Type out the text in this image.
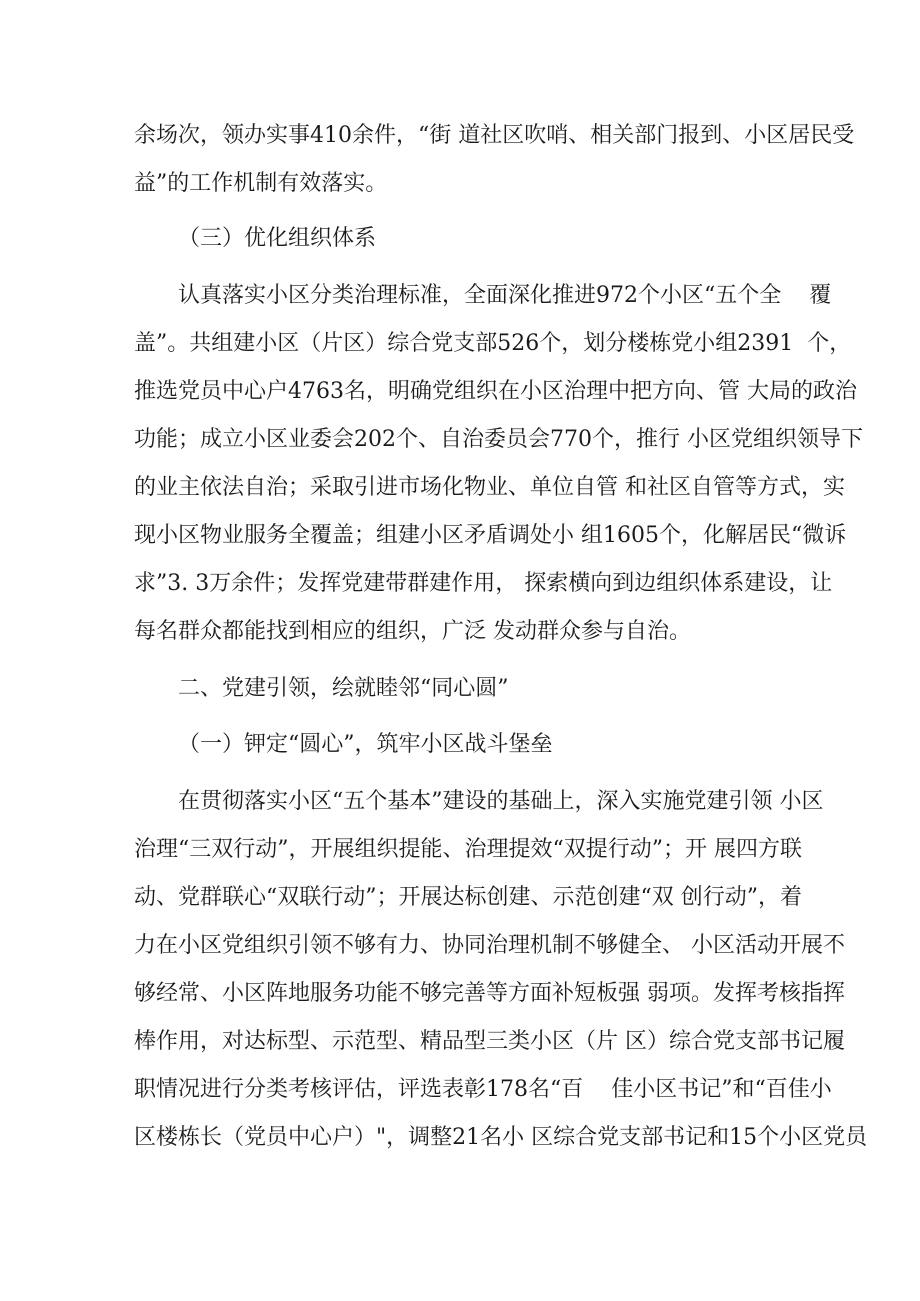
余场次，领办实事410余件，“街 道社区吹哨、相关部门报到、小区居民受
益”的工作机制有效落实。
（三）优化组织体系
认真落实小区分类治理标准，全面深化推进972个小区“五个全    覆
盖”。共组建小区（片区）综合党支部526个，划分楼栋党小组2391  个，
推选党员中心户4763名，明确党组织在小区治理中把方向、管 大局的政治
功能；成立小区业委会202个、自治委员会770个，推行 小区党组织领导下
的业主依法自治；采取引进市场化物业、单位自管 和社区自管等方式，实
现小区物业服务全覆盖；组建小区矛盾调处小 组1605个，化解居民“微诉
求”3. 3万余件；发挥党建带群建作用， 探索横向到边组织体系建设，让
每名群众都能找到相应的组织，广泛 发动群众参与自治。
二、党建引领，绘就睦邻“同心圆”
（一）钾定“圆心”，筑牢小区战斗堡垒
在贯彻落实小区“五个基本”建设的基础上，深入实施党建引领 小区
治理“三双行动”，开展组织提能、治理提效“双提行动”；开 展四方联
动、党群联心“双联行动”；开展达标创建、示范创建“双 创行动”，着
力在小区党组织引领不够有力、协同治理机制不够健全、 小区活动开展不
够经常、小区阵地服务功能不够完善等方面补短板强 弱项。发挥考核指挥
棒作用，对达标型、示范型、精品型三类小区（片 区）综合党支部书记履
职情况进行分类考核评估，评选表彰178名“百    佳小区书记”和“百佳小
区楼栋长（党员中心户）"，调整21名小 区综合党支部书记和15个小区党员
